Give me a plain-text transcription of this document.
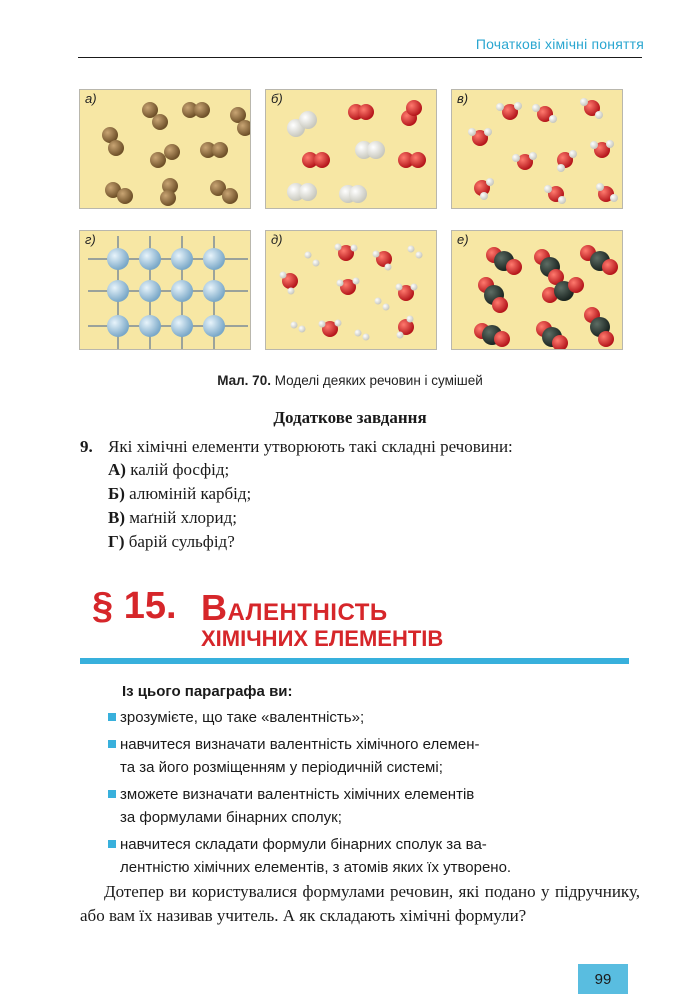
Початкові хімічні поняття
а)	б)	в)
г)	д)	е)
Мал. 70. Моделі деяких речовин і сумішей
Додаткове завдання
9. Які хімічні елементи утворюють такі складні речовини:
А) калій фосфід;
Б) алюміній карбід;
В) маґній хлорид;
Г) барій сульфід?
§ 15. ВАЛЕНТНІСТЬ
ХІМІЧНИХ ЕЛЕМЕНТІВ
Із цього параграфа ви:
зрозумієте, що таке «валентність»;
навчитеся визначати валентність хімічного елемен-
та за його розміщенням у періодичній системі;
зможете визначати валентність хімічних елементів
за формулами бінарних сполук;
навчитеся складати формули бінарних сполук за ва-
лентністю хімічних елементів, з атомів яких їх утворено.
Дотепер ви користувалися формулами речовин, які подано у підручнику, або вам їх називав учитель. А як складають хімічні формули?
99
